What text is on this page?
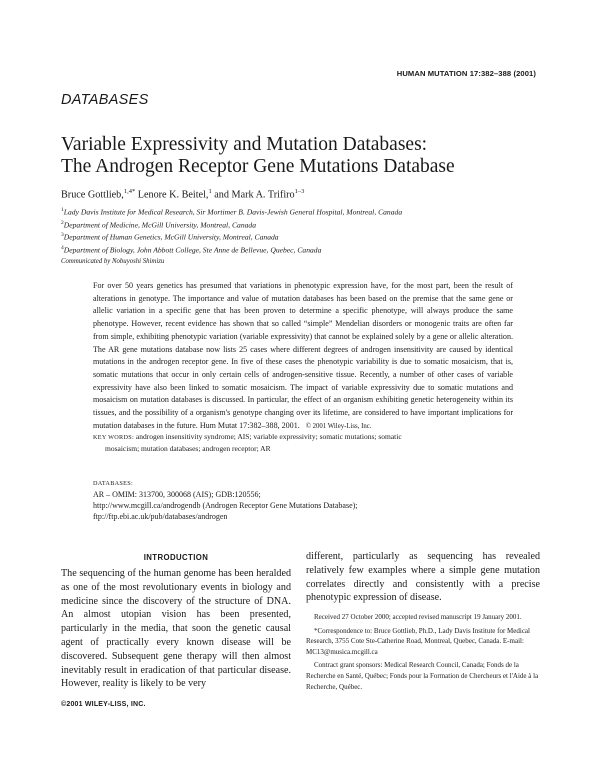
HUMAN MUTATION 17:382–388 (2001)
DATABASES
Variable Expressivity and Mutation Databases:
The Androgen Receptor Gene Mutations Database
Bruce Gottlieb,$^{1,4*}$ Lenore K. Beitel,$^1$ and Mark A. Trifiro$^{1-3}$
$^1$Lady Davis Institute for Medical Research, Sir Mortimer B. Davis-Jewish General Hospital, Montreal, Canada
$^2$Department of Medicine, McGill University, Montreal, Canada
$^3$Department of Human Genetics, McGill University, Montreal, Canada
$^4$Department of Biology, John Abbott College, Ste Anne de Bellevue, Quebec, Canada
Communicated by Nobuyoshi Shimizu
For over 50 years genetics has presumed that variations in phenotypic expression have, for the most part, been the result of alterations in genotype. The importance and value of mutation databases has been based on the premise that the same gene or allelic variation in a specific gene that has been proven to determine a specific phenotype, will always produce the same phenotype. However, recent evidence has shown that so called “simple” Mendelian disorders or monogenic traits are often far from simple, exhibiting phenotypic variation (variable expressivity) that cannot be explained solely by a gene or allelic alteration. The AR gene mutations database now lists 25 cases where different degrees of androgen insensitivity are caused by identical mutations in the androgen receptor gene. In five of these cases the phenotypic variability is due to somatic mosaicism, that is, somatic mutations that occur in only certain cells of androgen-sensitive tissue. Recently, a number of other cases of variable expressivity have also been linked to somatic mosaicism. The impact of variable expressivity due to somatic mutations and mosaicism on mutation databases is discussed. In particular, the effect of an organism exhibiting genetic heterogeneity within its tissues, and the possibility of a organism's genotype changing over its lifetime, are considered to have important implications for mutation databases in the future. Hum Mutat 17:382–388, 2001. © 2001 Wiley-Liss, Inc.
KEY WORDS: androgen insensitivity syndrome; AIS; variable expressivity; somatic mutations; somatic
mosaicism; mutation databases; androgen receptor; AR
DATABASES:
AR – OMIM: 313700, 300068 (AIS); GDB:120556;
http://www.mcgill.ca/androgendb (Androgen Receptor Gene Mutations Database);
ftp://ftp.ebi.ac.uk/pub/databases/androgen
INTRODUCTION
The sequencing of the human genome has been heralded as one of the most revolutionary events in biology and medicine since the discovery of the structure of DNA. An almost utopian vision has been presented, particularly in the media, that soon the genetic causal agent of practically every known disease will be discovered. Subsequent gene therapy will then almost inevitably result in eradication of that particular disease. However, reality is likely to be very
different, particularly as sequencing has revealed relatively few examples where a simple gene mutation correlates directly and consistently with a precise phenotypic expression of disease.

Received 27 October 2000; accepted revised manuscript 19 January 2001.

*Correspondence to: Bruce Gottlieb, Ph.D., Lady Davis Institute for Medical Research, 3755 Cote Ste-Catherine Road, Montreal, Quebec, Canada. E-mail: MC13@musica.mcgill.ca

Contract grant sponsors: Medical Research Council, Canada; Fonds de la Recherche en Santé, Québec; Fonds pour la Formation de Chercheurs et l'Aide à la Recherche, Québec.

©2001 WILEY-LISS, INC.
